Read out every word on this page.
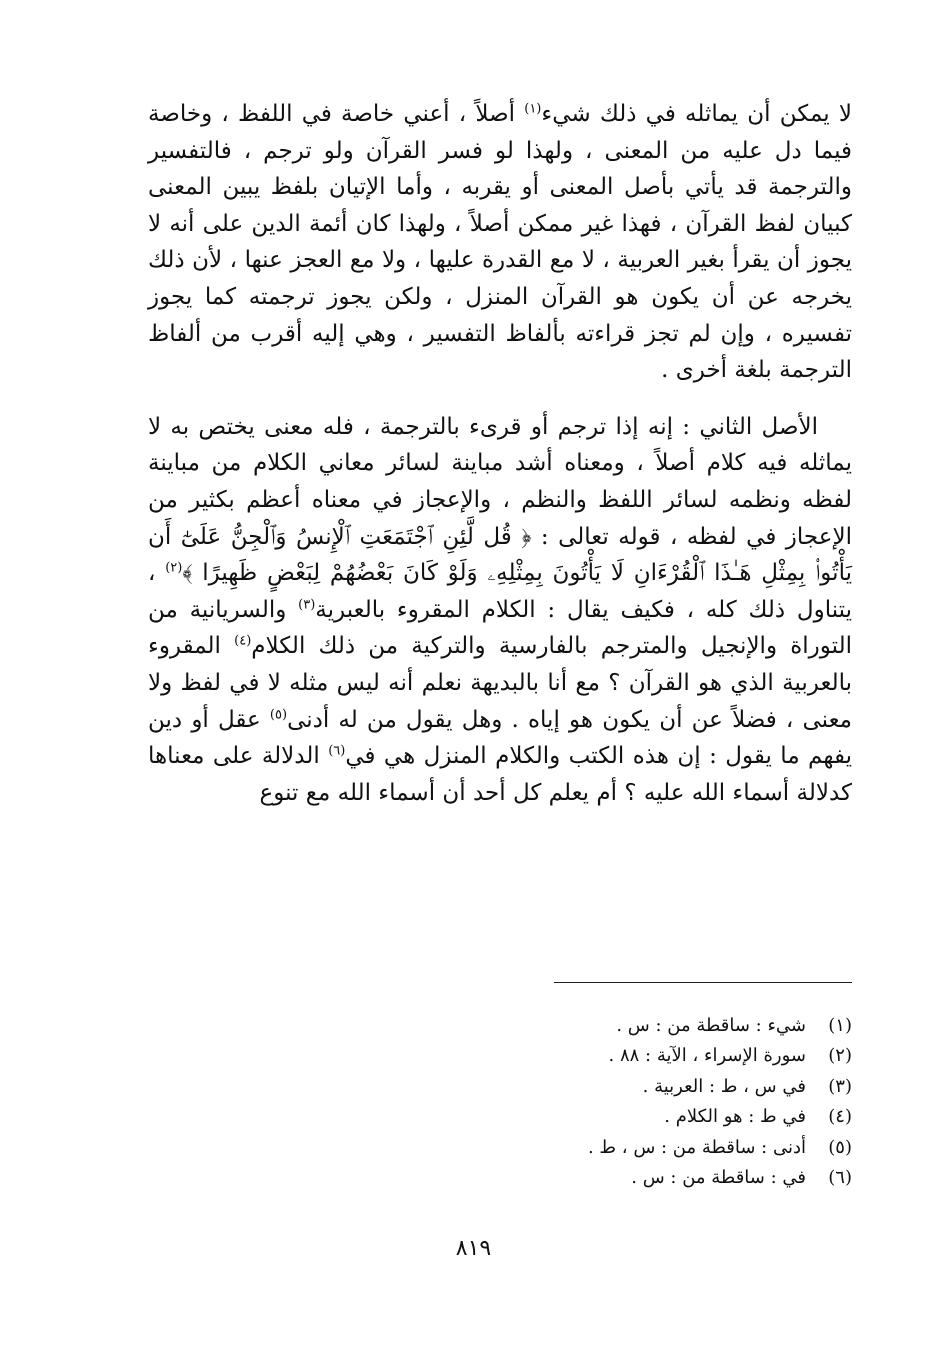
لا يمكن أن يماثله في ذلك شيء$^{(١)}$ أصلاً ، أعني خاصة في اللفظ ، وخاصة فيما دل عليه من المعنى ، ولهذا لو فسر القرآن ولو ترجم ، فالتفسير والترجمة قد يأتي بأصل المعنى أو يقربه ، وأما الإتيان بلفظ يبين المعنى كبيان لفظ القرآن ، فهذا غير ممكن أصلاً ، ولهذا كان أئمة الدين على أنه لا يجوز أن يقرأ بغير العربية ، لا مع القدرة عليها ، ولا مع العجز عنها ، لأن ذلك يخرجه عن أن يكون هو القرآن المنزل ، ولكن يجوز ترجمته كما يجوز تفسيره ، وإن لم تجز قراءته بألفاظ التفسير ، وهي إليه أقرب من ألفاظ الترجمة بلغة أخرى .

الأصل الثاني : إنه إذا ترجم أو قرىء بالترجمة ، فله معنى يختص به لا يماثله فيه كلام أصلاً ، ومعناه أشد مباينة لسائر معاني الكلام من مباينة لفظه ونظمه لسائر اللفظ والنظم ، والإعجاز في معناه أعظم بكثير من الإعجاز في لفظه ، قوله تعالى : ﴿ قُل لَّئِنِ ٱجْتَمَعَتِ ٱلْإِنسُ وَٱلْجِنُّ عَلَىٰٓ أَن يَأْتُوا۟ بِمِثْلِ هَـٰذَا ٱلْقُرْءَانِ لَا يَأْتُونَ بِمِثْلِهِۦ وَلَوْ كَانَ بَعْضُهُمْ لِبَعْضٍ ظَهِيرًا ﴾$^{(٢)}$ ، يتناول ذلك كله ، فكيف يقال : الكلام المقروء بالعبرية$^{(٣)}$ والسريانية من التوراة والإنجيل والمترجم بالفارسية والتركية من ذلك الكلام$^{(٤)}$ المقروء بالعربية الذي هو القرآن ؟ مع أنا بالبديهة نعلم أنه ليس مثله لا في لفظ ولا معنى ، فضلاً عن أن يكون هو إياه . وهل يقول من له أدنى$^{(٥)}$ عقل أو دين يفهم ما يقول : إن هذه الكتب والكلام المنزل هي في$^{(٦)}$ الدلالة على معناها كدلالة أسماء الله عليه ؟ أم يعلم كل أحد أن أسماء الله مع تنوع

(١)شيء : ساقطة من : س .
(٢)سورة الإسراء ، الآية : ٨٨ .
(٣)في س ، ط : العربية .
(٤)في ط : هو الكلام .
(٥)أدنى : ساقطة من : س ، ط .
(٦)في : ساقطة من : س .
٨١٩
